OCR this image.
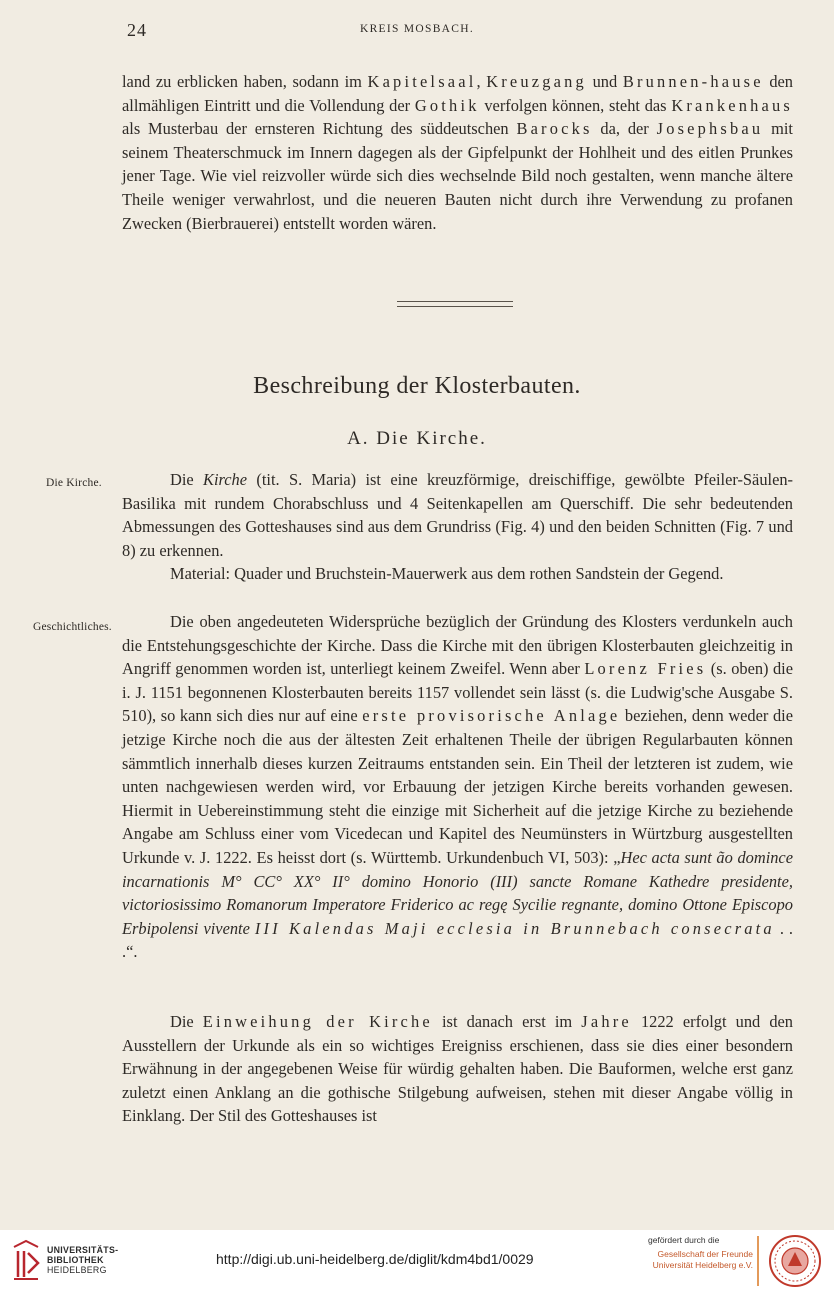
24	KREIS MOSBACH.

land zu erblicken haben, sodann im Kapitelsaal, Kreuzgang und Brunnen-hause den allmähligen Eintritt und die Vollendung der Gothik verfolgen können, steht das Krankenhaus als Musterbau der ernsteren Richtung des süddeutschen Barocks da, der Josephsbau mit seinem Theaterschmuck im Innern dagegen als der Gipfelpunkt der Hohlheit und des eitlen Prunkes jener Tage. Wie viel reizvoller würde sich dies wechselnde Bild noch gestalten, wenn manche ältere Theile weniger verwahrlost, und die neueren Bauten nicht durch ihre Verwendung zu profanen Zwecken (Bierbrauerei) entstellt worden wären.

Beschreibung der Klosterbauten.
A. Die Kirche.
Die Kirche.
Geschichtliches.

Die Kirche (tit. S. Maria) ist eine kreuzförmige, dreischiffige, gewölbte Pfeiler-Säulen-Basilika mit rundem Chorabschluss und 4 Seitenkapellen am Querschiff. Die sehr bedeutenden Abmessungen des Gotteshauses sind aus dem Grundriss (Fig. 4) und den beiden Schnitten (Fig. 7 und 8) zu erkennen.

Material: Quader und Bruchstein-Mauerwerk aus dem rothen Sandstein der Gegend.

Die oben angedeuteten Widersprüche bezüglich der Gründung des Klosters verdunkeln auch die Entstehungsgeschichte der Kirche. Dass die Kirche mit den übrigen Klosterbauten gleichzeitig in Angriff genommen worden ist, unterliegt keinem Zweifel. Wenn aber Lorenz Fries (s. oben) die i. J. 1151 begonnenen Klosterbauten bereits 1157 vollendet sein lässt (s. die Ludwig'sche Ausgabe S. 510), so kann sich dies nur auf eine erste provisorische Anlage beziehen, denn weder die jetzige Kirche noch die aus der ältesten Zeit erhaltenen Theile der übrigen Regularbauten können sämmtlich innerhalb dieses kurzen Zeitraums entstanden sein. Ein Theil der letzteren ist zudem, wie unten nachgewiesen werden wird, vor Erbauung der jetzigen Kirche bereits vorhanden gewesen. Hiermit in Uebereinstimmung steht die einzige mit Sicherheit auf die jetzige Kirche zu beziehende Angabe am Schluss einer vom Vicedecan und Kapitel des Neumünsters in Würtzburg ausgestellten Urkunde v. J. 1222. Es heisst dort (s. Württemb. Urkundenbuch VI, 503): „Hec acta sunt ão domince incarnationis M° CC° XX° II° domino Honorio (III) sancte Romane Kathedre presidente, victoriosissimo Romanorum Imperatore Friderico ac regę Sycilie regnante, domino Ottone Episcopo Erbipolensi vivente III Kalendas Maji ecclesia in Brunnebach consecrata . . .“.

Die Einweihung der Kirche ist danach erst im Jahre 1222 erfolgt und den Ausstellern der Urkunde als ein so wichtiges Ereigniss erschienen, dass sie dies einer besondern Erwähnung in der angegebenen Weise für würdig gehalten haben. Die Bauformen, welche erst ganz zuletzt einen Anklang an die gothische Stilgebung aufweisen, stehen mit dieser Angabe völlig in Einklang. Der Stil des Gotteshauses ist

UNIVERSITÄTS-
BIBLIOTHEK
HEIDELBERG
http://digi.ub.uni-heidelberg.de/diglit/kdm4bd1/0029
gefördert durch die
Gesellschaft der Freunde
Universität Heidelberg e.V.
